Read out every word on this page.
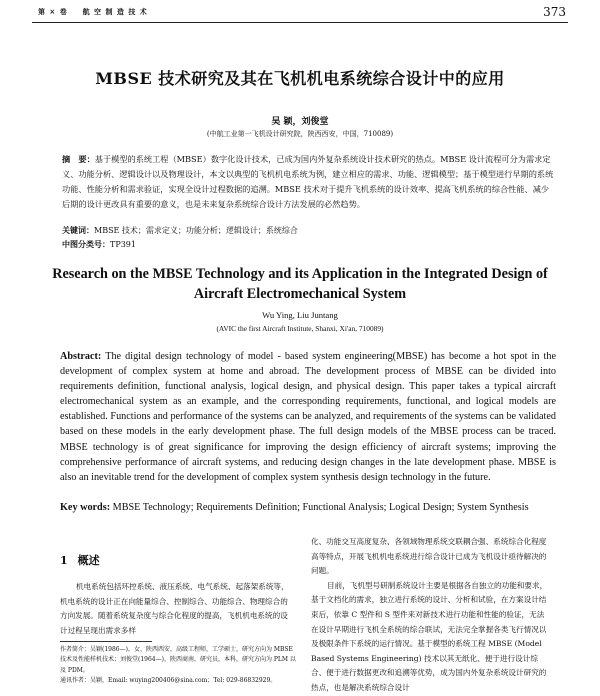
第 × 卷 　 航 空 制 造 技 术	373
MBSE 技术研究及其在飞机机电系统综合设计中的应用
吴 颖，刘俊堂
(中航工业第一飞机设计研究院，陕西西安，中国，710089)
摘　要：基于模型的系统工程（MBSE）数字化设计技术，已成为国内外复杂系统设计技术研究的热点。MBSE 设计流程可分为需求定义、功能分析、逻辑设计以及物理设计，本文以典型的飞机机电系统为例，建立相应的需求、功能、逻辑模型；基于模型进行早期的系统功能、性能分析和需求验证，实现全设计过程数据的追溯。MBSE 技术对于提升飞机系统的设计效率、提高飞机系统的综合性能、减少后期的设计更改具有重要的意义，也是未来复杂系统综合设计方法发展的必然趋势。
关键词：MBSE 技术；需求定义；功能分析；逻辑设计；系统综合
中图分类号：TP391
Research on the MBSE Technology and its Application in the Integrated Design of Aircraft Electromechanical System
Wu Ying, Liu Juntang
(AVIC the first Aircraft Institute, Shanxi, Xi'an, 710089)
Abstract: The digital design technology of model - based system engineering(MBSE) has become a hot spot in the development of complex system at home and abroad. The development process of MBSE can be divided into requirements definition, functional analysis, logical design, and physical design. This paper takes a typical aircraft electromechanical system as an example, and the corresponding requirements, functional, and logical models are established. Functions and performance of the systems can be analyzed, and requirements of the systems can be validated based on these models in the early development phase. The full design models of the MBSE process can be traced. MBSE technology is of great significance for improving the design efficiency of aircraft systems; improving the comprehensive performance of aircraft systems, and reducing design changes in the late development phase. MBSE is also an inevitable trend for the development of complex system synthesis design technology in the future.
Key words: MBSE Technology; Requirements Definition; Functional Analysis; Logical Design; System Synthesis
1 概述
机电系统包括环控系统、液压系统、电气系统、起落架系统等，机电系统的设计正在向能量综合、控制综合、功能综合、物理综合的方向发展。随着系统复杂度与综合化程度的提高，飞机机电系统的设计过程呈现出需求多样

化、功能交互高度复杂、各领域物理系统交联耦合强、系统综合化程度高等特点，开展飞机机电系统进行综合设计已成为飞机设计亟待解决的问题。

目前，飞机型号研制系统设计主要是根据各自独立的功能和要求，基于文档化的需求，独立进行系统的设计、分析和试验，在方案设计结束后，依靠 C 型件和 S 型件来对新技术进行功能和性能的验证，无法在设计早期进行飞机全系统的综合联试，无法完全掌握各类飞行情况以及极限条件下系统的运行情况。基于模型的系统工程 MBSE (Model Based Systems Engineering) 技术以其无纸化、便于进行设计综合、便于进行数据更改和追溯等优势，成为国内外复杂系统设计研究的热点，也是解决系统综合设计

作者简介：吴颖(1986—)，女，陕西西安，高级工程师，工学硕士，研究方向为 MBSE 技术及性能样机技术；刘俊堂(1964—)，陕西商南，研究员，本科，研究方向为 PLM 以及 PDM。
通讯作者：吴颖，Email: wuying200406@sina.com；Tel: 029-86832929。
